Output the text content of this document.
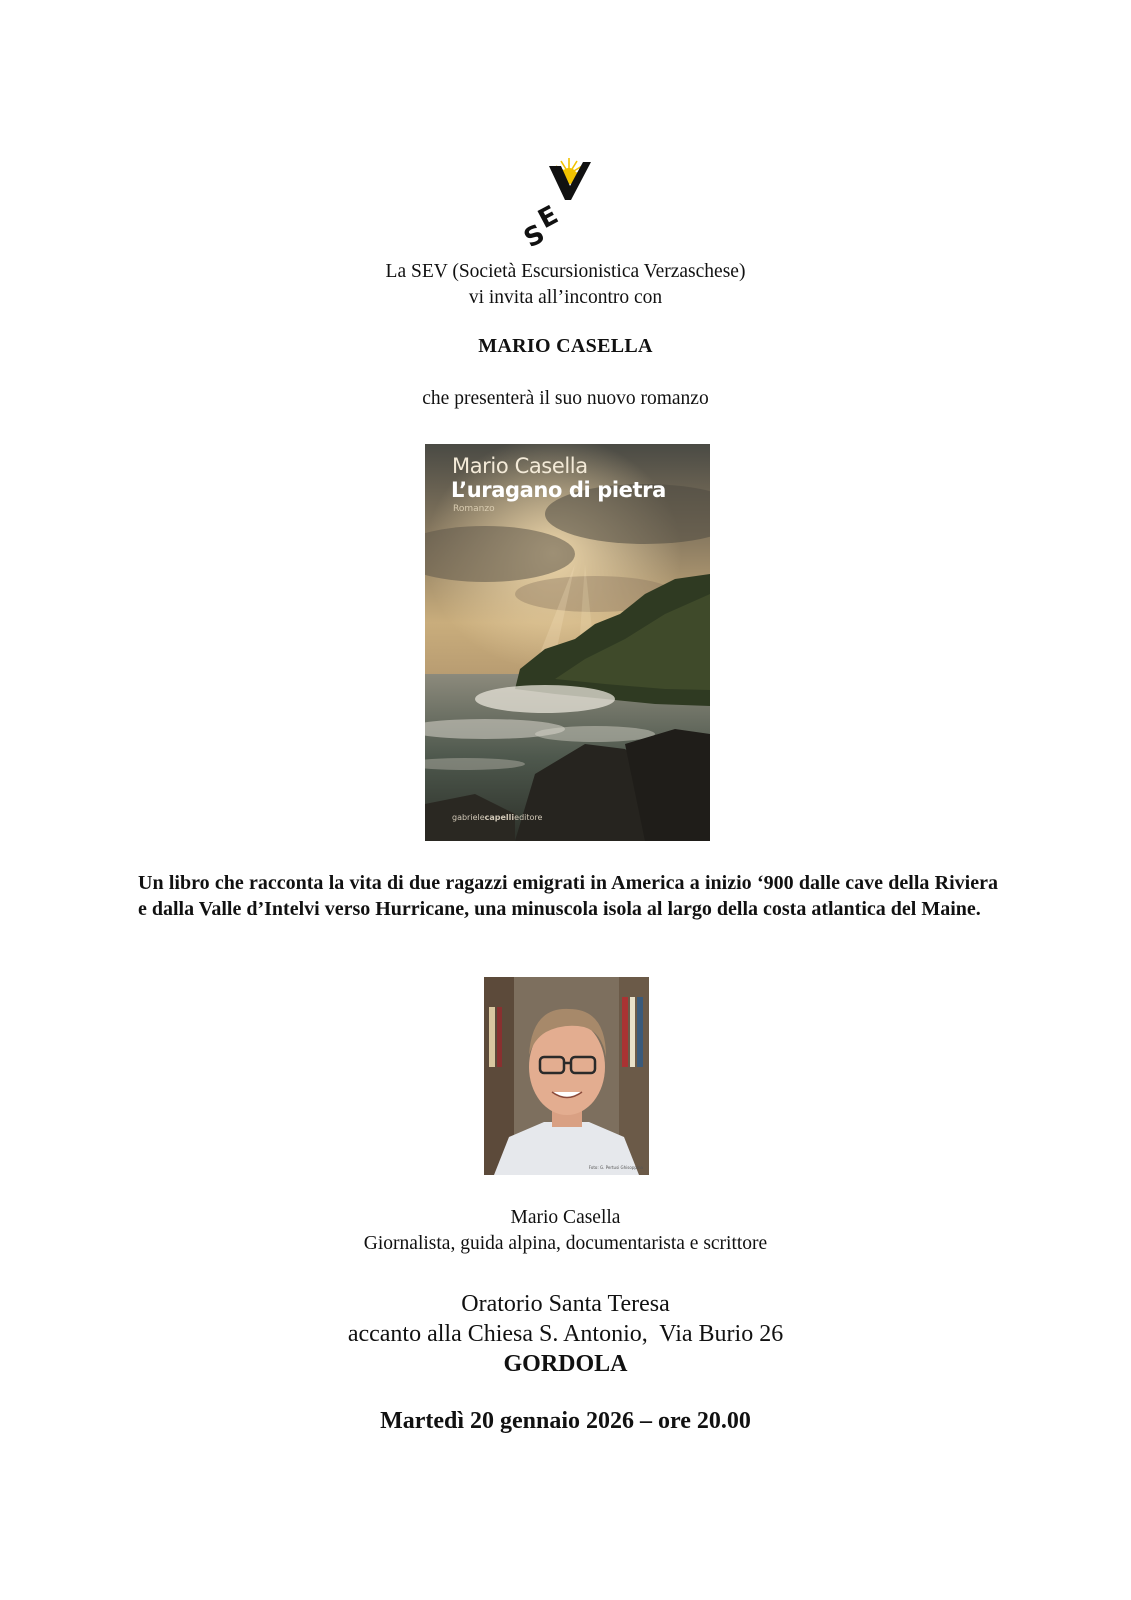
E
S
La SEV (Società Escursionistica Verzaschese)
vi invita all’incontro con
MARIO CASELLA
che presenterà il suo nuovo romanzo
Mario Casella
L’uragano di pietra
Romanzo
gabrielecapellieditore
Un libro che racconta la vita di due ragazzi emigrati in America a inizio ‘900 dalle cave della Riviera e dalla Valle d’Intelvi verso Hurricane, una minuscola isola al largo della costa atlantica del Maine.
Foto: G. Pertusi Ghisoppina
Mario Casella
Giornalista, guida alpina, documentarista e scrittore
Oratorio Santa Teresa
accanto alla Chiesa S. Antonio,  Via Burio 26
GORDOLA
Martedì 20 gennaio 2026 – ore 20.00
